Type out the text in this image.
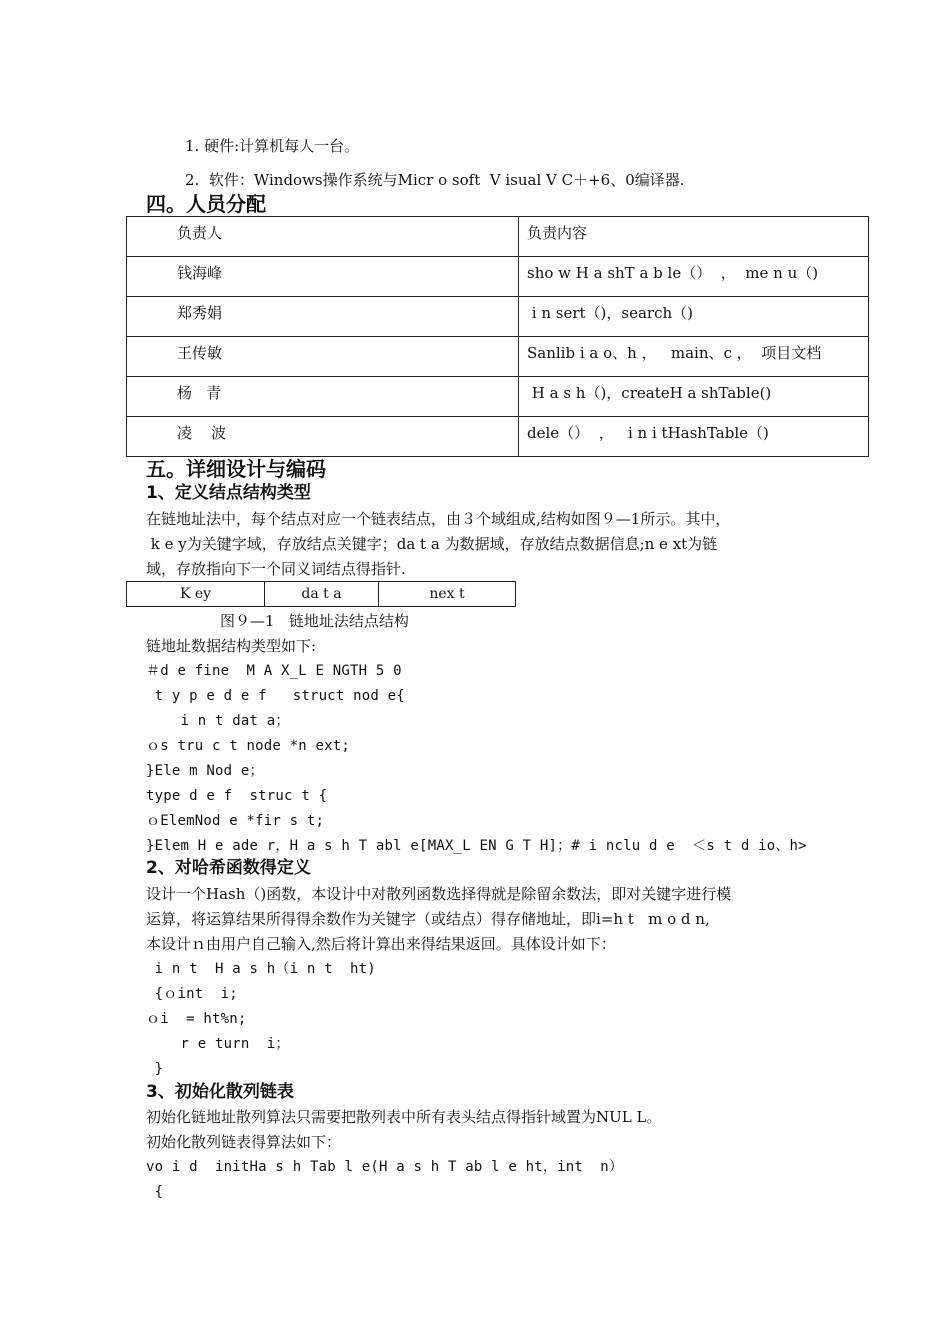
1. 硬件:计算机每人一台。
2.  软件：Windows操作系统与Micr o soft  V isual V C＋+6、0编译器.
四。人员分配
负责人	负责内容

钱海峰	sho w H a shT a b le（）  ，  me n u（)

郑秀娟	i n sert（)，search（)

王传敏	Sanlib i a o、h ，   main、c ，  项目文档

杨   青	H a s h（)，createH a shTable()

凌    波	dele（）  ，   i n i tHashTable（)
五。详细设计与编码
1、定义结点结构类型
在链地址法中，每个结点对应一个链表结点，由３个域组成,结构如图９—1所示。其中，
k e y为关键字域，存放结点关键字；da t a 为数据域，存放结点数据信息;n e xt为链
域，存放指向下一个同义词结点得指针.
K ey	da t a	nex t
图９—1   链地址法结点结构
链地址数据结构类型如下:
＃d e fine  M A X_L E NGTH 5 0
t y p e d e f   struct nod e{
i n t dat a；
ｏs tru c t node *n ext;
}Ele m Nod e；
type d e f  struc t {
ｏElemNod e *fir s t;
}Elem H e ade r，H a s h T abl e[MAX_L EN G T H]；# i nclu d e  ＜s t d io、h>
2、对哈希函数得定义
设计一个Hash（)函数，本设计中对散列函数选择得就是除留余数法，即对关键字进行模
运算，将运算结果所得得余数作为关键字（或结点）得存储地址，即i=h t   m o d n,
本设计ｎ由用户自己输入,然后将计算出来得结果返回。具体设计如下：
i n t  H a s h（i n t  ht)
{ｏint  i;
ｏi  = ht%n;
r e turn  i；
}
3、初始化散列链表
初始化链地址散列算法只需要把散列表中所有表头结点得指针域置为NUL L。
初始化散列链表得算法如下：
vo i d  initHa s h Tab l e(H a s h T ab l e ht，int  n）
{
